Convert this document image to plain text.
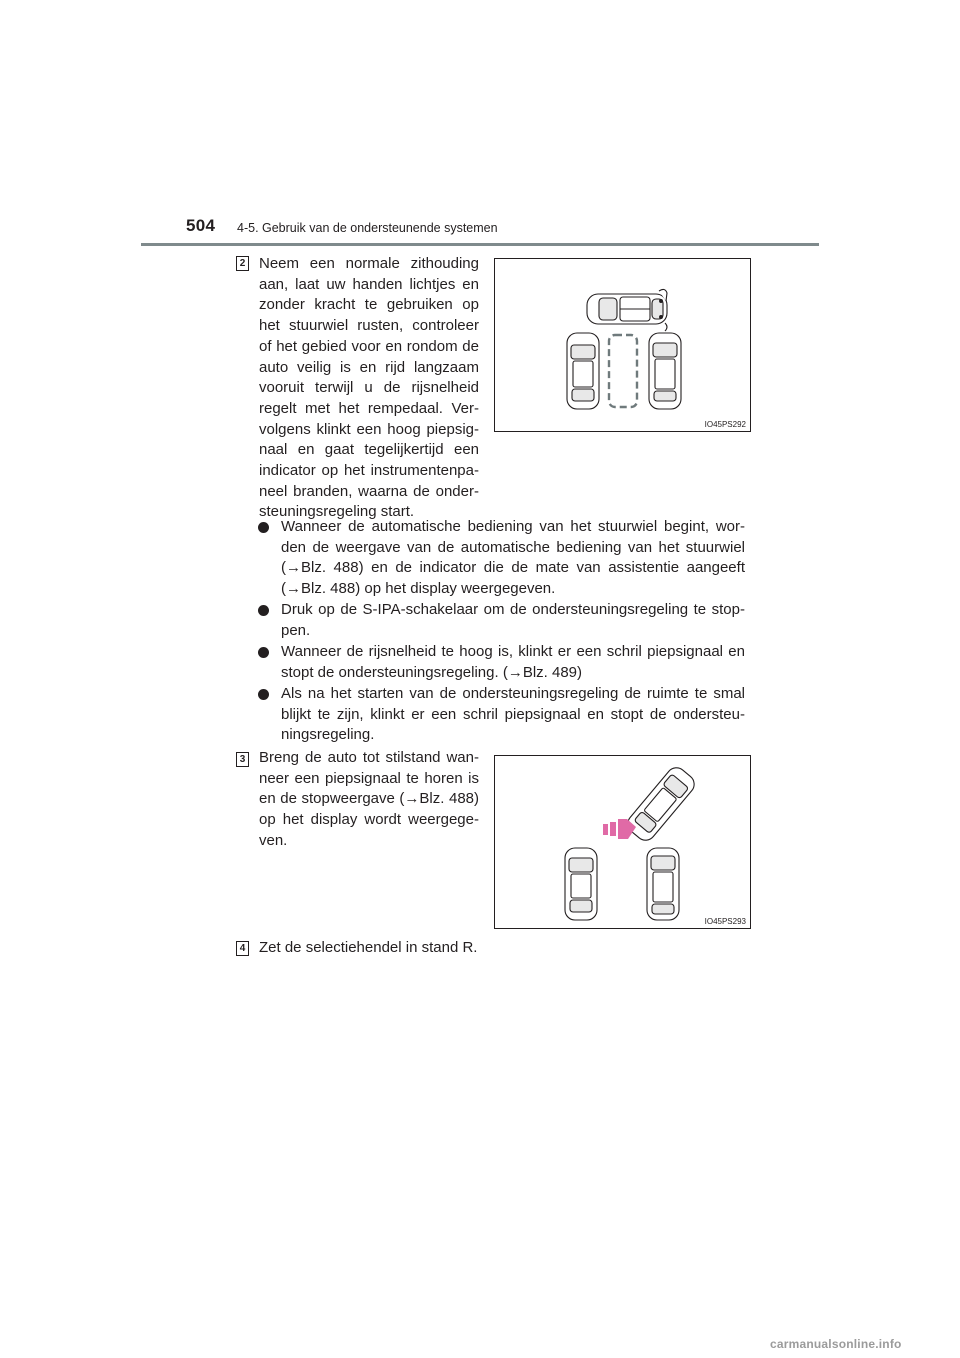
504 4-5. Gebruik van de ondersteunende systemen
2 Neem een normale zithouding aan, laat uw handen lichtjes en zonder kracht te gebruiken op het stuurwiel rusten, controleer of het gebied voor en rondom de auto veilig is en rijd langzaam vooruit terwijl u de rijsnelheid regelt met het rempedaal. Ver-volgens klinkt een hoog piepsig-naal en gaat tegelijkertijd een indicator op het instrumentenpa-neel branden, waarna de onder-steuningsregeling start.
IO45PS292
Wanneer de automatische bediening van het stuurwiel begint, wor-den de weergave van de automatische bediening van het stuurwiel (→Blz. 488) en de indicator die de mate van assistentie aangeeft (→Blz. 488) op het display weergegeven.
Druk op de S-IPA-schakelaar om de ondersteuningsregeling te stop-pen.
Wanneer de rijsnelheid te hoog is, klinkt er een schril piepsignaal en stopt de ondersteuningsregeling. (→Blz. 489)
Als na het starten van de ondersteuningsregeling de ruimte te smal blijkt te zijn, klinkt er een schril piepsignaal en stopt de ondersteu-ningsregeling.
3 Breng de auto tot stilstand wan-neer een piepsignaal te horen is en de stopweergave (→Blz. 488) op het display wordt weergege-ven.
IO45PS293
4 Zet de selectiehendel in stand R.
carmanualsonline.info
